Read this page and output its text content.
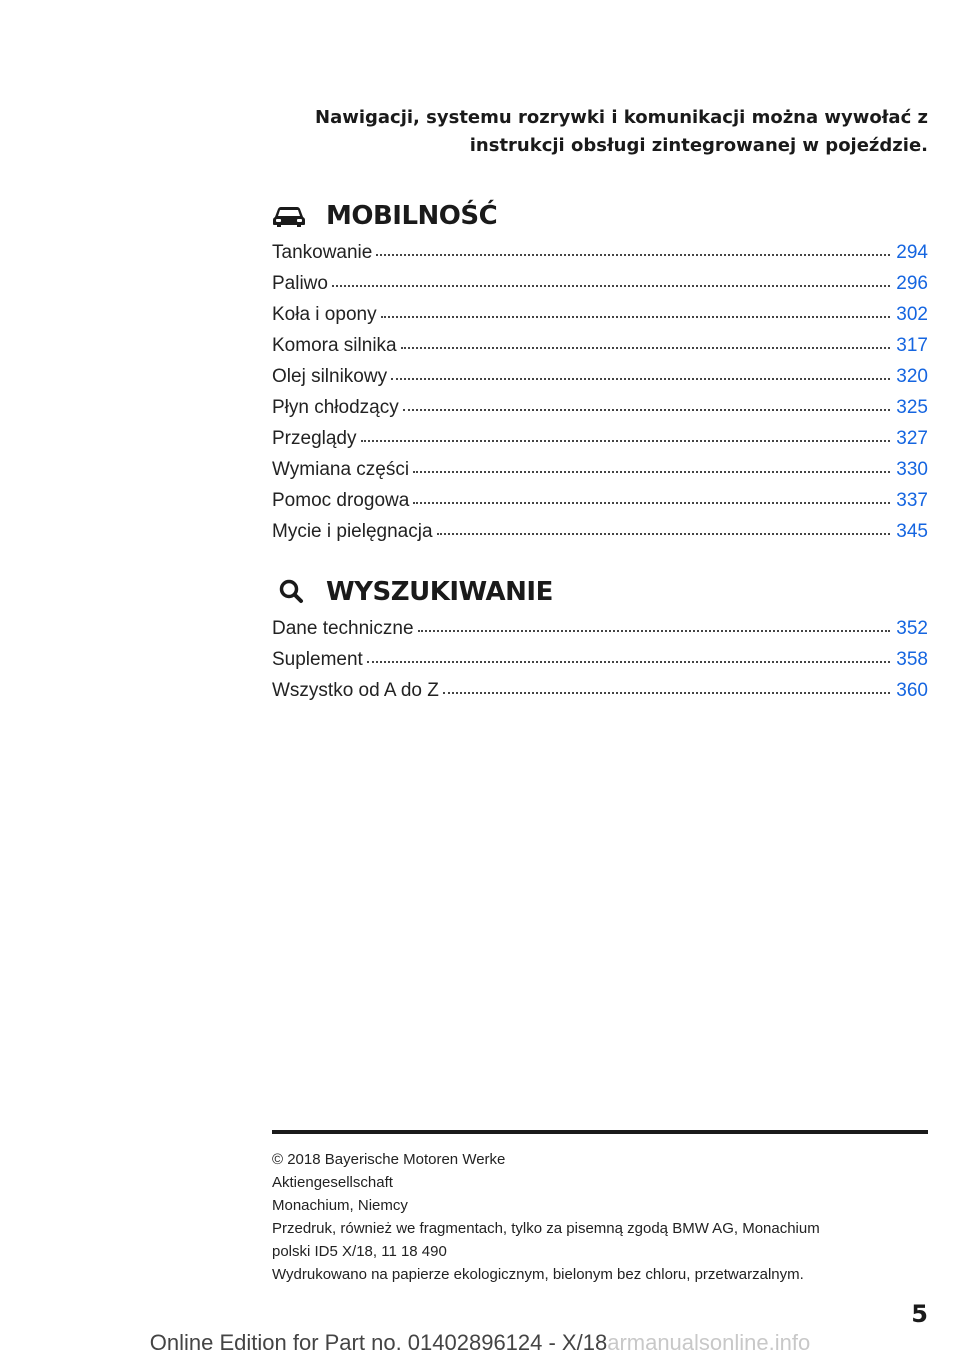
Nawigacji, systemu rozrywki i komunikacji można wywołać z
instrukcji obsługi zintegrowanej w pojeździe.
MOBILNOŚĆ
Tankowanie	294
Paliwo	296
Koła i opony	302
Komora silnika	317
Olej silnikowy	320
Płyn chłodzący	325
Przeglądy	327
Wymiana części	330
Pomoc drogowa	337
Mycie i pielęgnacja	345
WYSZUKIWANIE
Dane techniczne	352
Suplement	358
Wszystko od A do Z	360
© 2018 Bayerische Motoren Werke
Aktiengesellschaft
Monachium, Niemcy
Przedruk, również we fragmentach, tylko za pisemną zgodą BMW AG, Monachium
polski ID5 X/18, 11 18 490
Wydrukowano na papierze ekologicznym, bielonym bez chloru, przetwarzalnym.
5
Online Edition for Part no. 01402896124 - X/18armanualsonline.info
